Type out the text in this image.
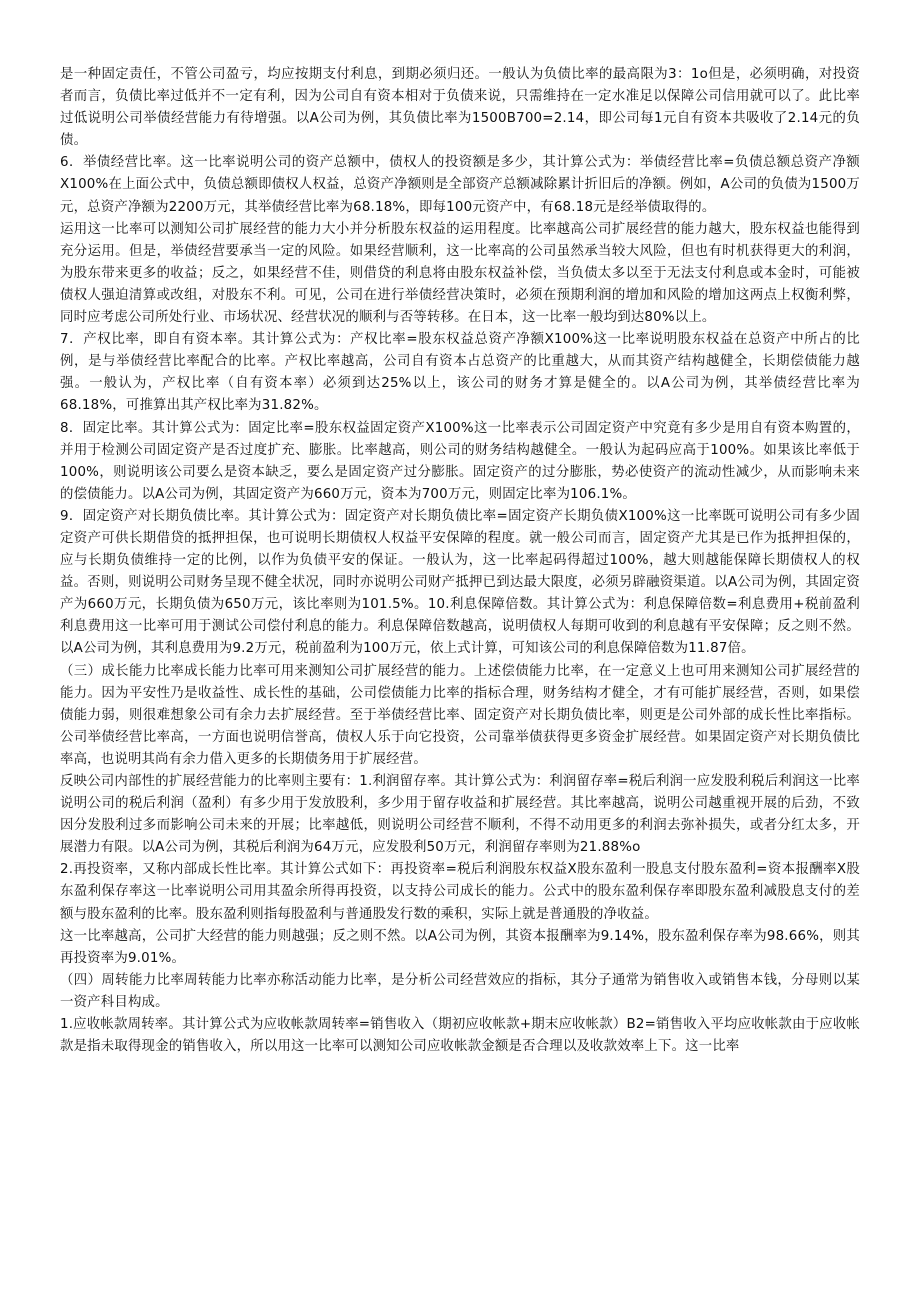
是一种固定责任，不管公司盈亏，均应按期支付利息，到期必须归还。一般认为负债比率的最高限为3：1o但是，必须明确，对投资者而言，负债比率过低并不一定有利，因为公司自有资本相对于负债来说，只需维持在一定水准足以保障公司信用就可以了。此比率过低说明公司举债经营能力有待增强。以A公司为例，其负债比率为1500B700=2.14，即公司每1元自有资本共吸收了2.14元的负债。

6．举债经营比率。这一比率说明公司的资产总额中，债权人的投资额是多少，其计算公式为：举债经营比率=负债总额总资产净额X100%在上面公式中，负债总额即债权人权益，总资产净额则是全部资产总额减除累计折旧后的净额。例如，A公司的负债为1500万元，总资产净额为2200万元，其举债经营比率为68.18%，即每100元资产中，有68.18元是经举债取得的。

运用这一比率可以测知公司扩展经营的能力大小并分析股东权益的运用程度。比率越高公司扩展经营的能力越大，股东权益也能得到充分运用。但是，举债经营要承当一定的风险。如果经营顺利，这一比率高的公司虽然承当较大风险，但也有时机获得更大的利润，为股东带来更多的收益；反之，如果经营不佳，则借贷的利息将由股东权益补偿，当负债太多以至于无法支付利息或本金时，可能被债权人强迫清算或改组，对股东不利。可见，公司在进行举债经营决策时，必须在预期利润的增加和风险的增加这两点上权衡利弊，同时应考虑公司所处行业、市场状况、经营状况的顺利与否等转移。在日本，这一比率一般均到达80%以上。

7．产权比率，即自有资本率。其计算公式为：产权比率=股东权益总资产净额X100%这一比率说明股东权益在总资产中所占的比例，是与举债经营比率配合的比率。产权比率越高，公司自有资本占总资产的比重越大，从而其资产结构越健全，长期偿债能力越强。一般认为，产权比率（自有资本率）必须到达25%以上，该公司的财务才算是健全的。以A公司为例，其举债经营比率为68.18%，可推算出其产权比率为31.82%。

8．固定比率。其计算公式为：固定比率=股东权益固定资产X100%这一比率表示公司固定资产中究竟有多少是用自有资本购置的，并用于检测公司固定资产是否过度扩充、膨胀。比率越高，则公司的财务结构越健全。一般认为起码应高于100%。如果该比率低于100%，则说明该公司要么是资本缺乏，要么是固定资产过分膨胀。固定资产的过分膨胀，势必使资产的流动性减少，从而影响未来的偿债能力。以A公司为例，其固定资产为660万元，资本为700万元，则固定比率为106.1%。

9．固定资产对长期负债比率。其计算公式为：固定资产对长期负债比率=固定资产长期负债X100%这一比率既可说明公司有多少固定资产可供长期借贷的抵押担保，也可说明长期债权人权益平安保障的程度。就一般公司而言，固定资产尤其是已作为抵押担保的，应与长期负债维持一定的比例，以作为负债平安的保证。一般认为，这一比率起码得超过100%，越大则越能保障长期债权人的权益。否则，则说明公司财务呈现不健全状况，同时亦说明公司财产抵押已到达最大限度，必须另辟融资渠道。以A公司为例，其固定资产为660万元，长期负债为650万元，该比率则为101.5%。10.利息保障倍数。其计算公式为：利息保障倍数=利息费用+税前盈利利息费用这一比率可用于测试公司偿付利息的能力。利息保障倍数越高，说明债权人每期可收到的利息越有平安保障；反之则不然。以A公司为例，其利息费用为9.2万元，税前盈利为100万元，依上式计算，可知该公司的利息保障倍数为11.87倍。

（三）成长能力比率成长能力比率可用来测知公司扩展经营的能力。上述偿债能力比率，在一定意义上也可用来测知公司扩展经营的能力。因为平安性乃是收益性、成长性的基础，公司偿债能力比率的指标合理，财务结构才健全，才有可能扩展经营，否则，如果偿债能力弱，则很难想象公司有余力去扩展经营。至于举债经营比率、固定资产对长期负债比率，则更是公司外部的成长性比率指标。公司举债经营比率高，一方面也说明信誉高，债权人乐于向它投资，公司靠举债获得更多资金扩展经营。如果固定资产对长期负债比率高，也说明其尚有余力借入更多的长期债务用于扩展经营。

反映公司内部性的扩展经营能力的比率则主要有：1.利润留存率。其计算公式为：利润留存率=税后利润一应发股利税后利润这一比率说明公司的税后利润（盈利）有多少用于发放股利，多少用于留存收益和扩展经营。其比率越高，说明公司越重视开展的后劲，不致因分发股利过多而影响公司未来的开展；比率越低，则说明公司经营不顺利，不得不动用更多的利润去弥补损失，或者分红太多，开展潜力有限。以A公司为例，其税后利润为64万元，应发股利50万元，利润留存率则为21.88%o

2.再投资率，又称内部成长性比率。其计算公式如下：再投资率=税后利润股东权益X股东盈利一股息支付股东盈利=资本报酬率X股东盈利保存率这一比率说明公司用其盈余所得再投资，以支持公司成长的能力。公式中的股东盈利保存率即股东盈利减股息支付的差额与股东盈利的比率。股东盈利则指每股盈利与普通股发行数的乘积，实际上就是普通股的净收益。

这一比率越高，公司扩大经营的能力则越强；反之则不然。以A公司为例，其资本报酬率为9.14%，股东盈利保存率为98.66%，则其再投资率为9.01%。

（四）周转能力比率周转能力比率亦称活动能力比率，是分析公司经营效应的指标，其分子通常为销售收入或销售本钱，分母则以某一资产科目构成。

1.应收帐款周转率。其计算公式为应收帐款周转率=销售收入（期初应收帐款+期末应收帐款）B2=销售收入平均应收帐款由于应收帐款是指未取得现金的销售收入，所以用这一比率可以测知公司应收帐款金额是否合理以及收款效率上下。这一比率
